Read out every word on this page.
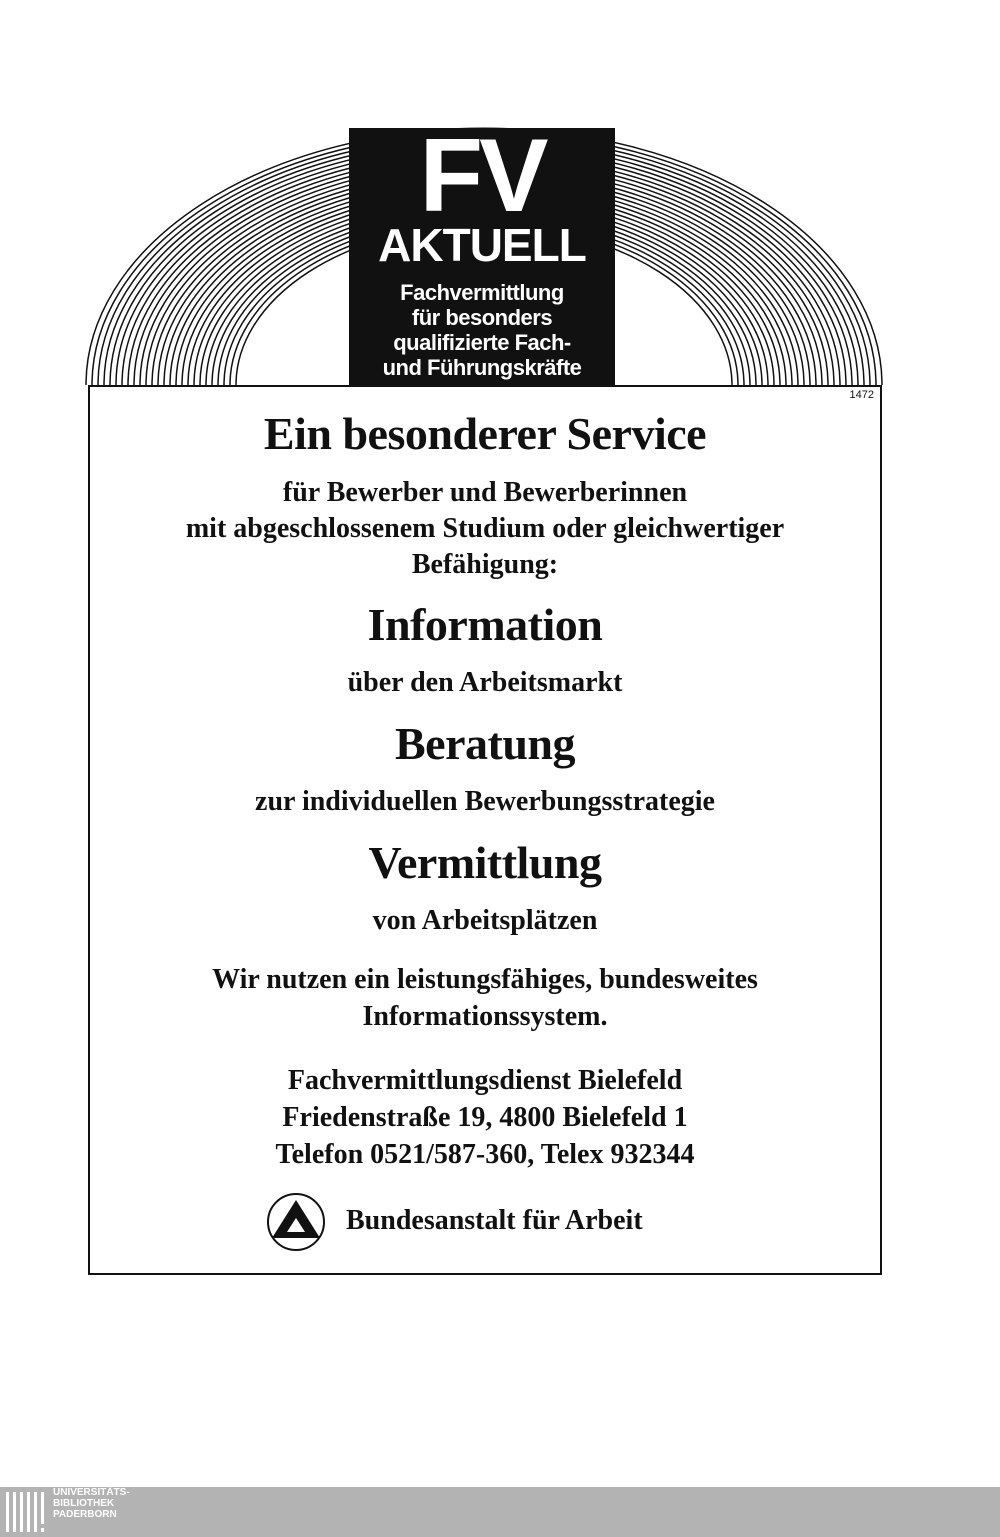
FV
AKTUELL
Fachvermittlung
für besonders
qualifizierte Fach-
und Führungskräfte
1472
Ein besonderer Service
für Bewerber und Bewerberinnen
mit abgeschlossenem Studium oder gleichwertiger
Befähigung:
Information
über den Arbeitsmarkt
Beratung
zur individuellen Bewerbungsstrategie
Vermittlung
von Arbeitsplätzen
Wir nutzen ein leistungsfähiges, bundesweites
Informationssystem.
Fachvermittlungsdienst Bielefeld
Friedenstraße 19, 4800 Bielefeld 1
Telefon 0521/587-360, Telex 932344
Bundesanstalt für Arbeit
UNIVERSITÄTS-
BIBLIOTHEK
PADERBORN
